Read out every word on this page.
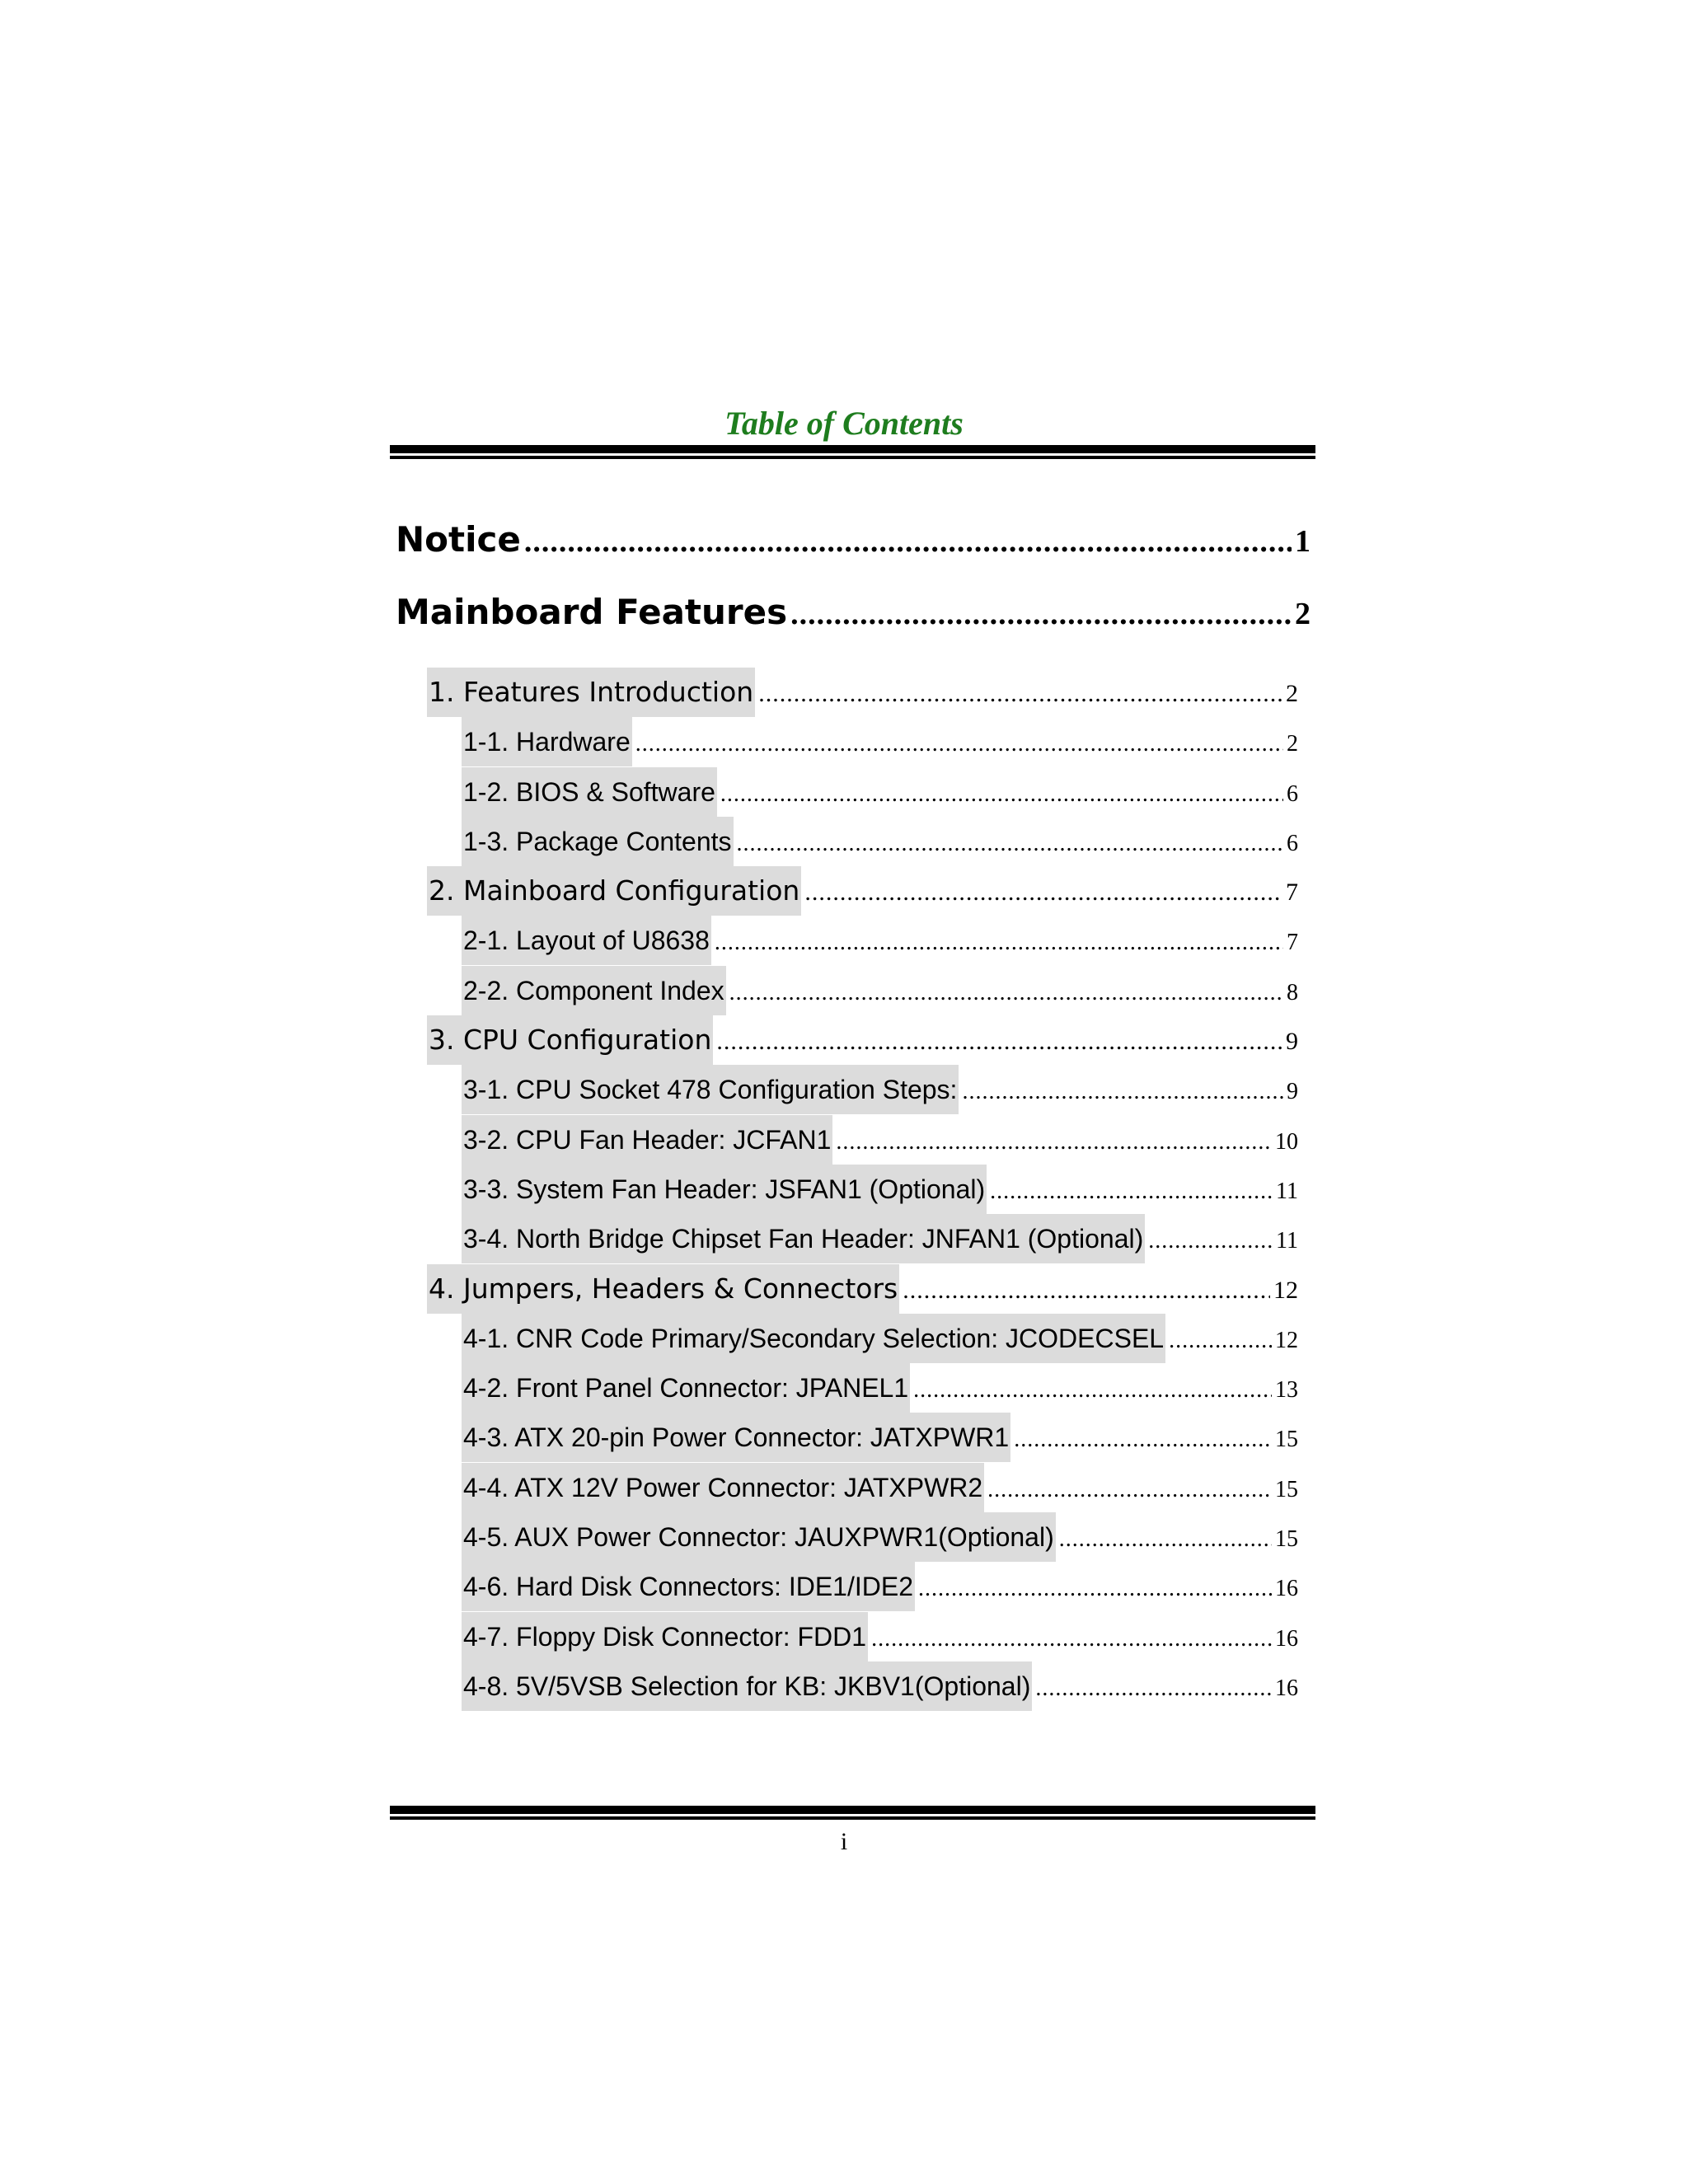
Table of Contents
Notice .....	1
Mainboard Features .....	2
1. Features Introduction .....	2
1-1. Hardware .....	2
1-2. BIOS & Software .....	6
1-3. Package Contents .....	6
2. Mainboard Configuration .....	7
2-1. Layout of U8638 .....	7
2-2. Component Index .....	8
3. CPU Configuration .....	9
3-1. CPU Socket 478 Configuration Steps: .....	9
3-2. CPU Fan Header: JCFAN1 .....	10
3-3. System Fan Header: JSFAN1 (Optional) .....	11
3-4. North Bridge Chipset Fan Header: JNFAN1 (Optional) .....	11
4. Jumpers, Headers & Connectors .....	12
4-1. CNR Code Primary/Secondary Selection: JCODECSEL .....	12
4-2. Front Panel Connector: JPANEL1 .....	13
4-3. ATX 20-pin Power Connector: JATXPWR1 .....	15
4-4. ATX 12V Power Connector: JATXPWR2 .....	15
4-5. AUX Power Connector: JAUXPWR1(Optional) .....	15
4-6. Hard Disk Connectors: IDE1/IDE2 .....	16
4-7. Floppy Disk Connector: FDD1 .....	16
4-8. 5V/5VSB Selection for KB: JKBV1(Optional) .....	16
i
